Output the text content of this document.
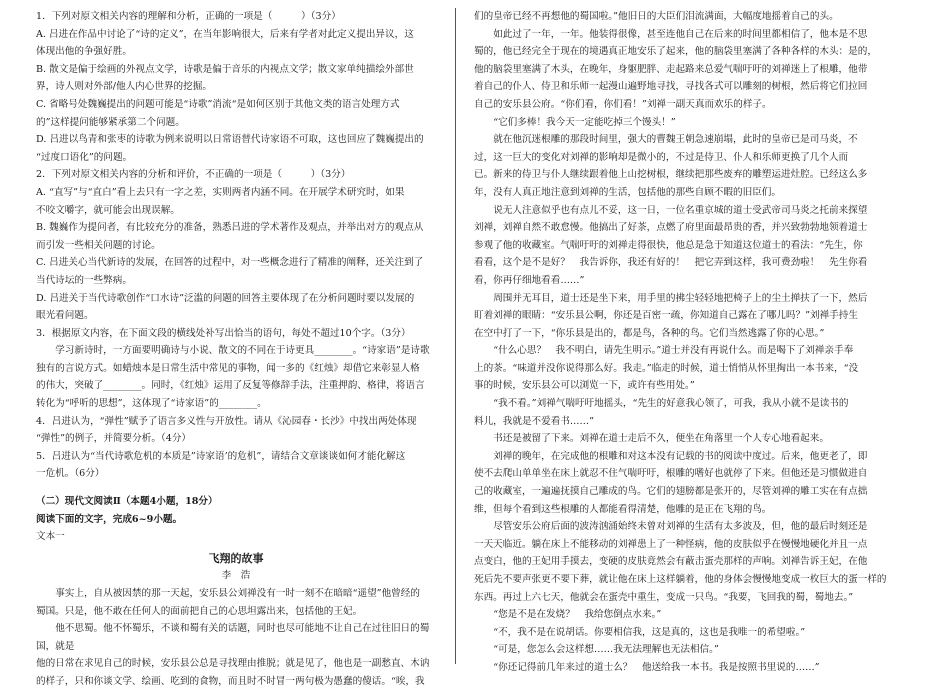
1．下列对原文相关内容的理解和分析，正确的一项是（　　　）（3分）

A. 吕进在作品中讨论了“诗的定义”，在当年影响很大，后来有学者对此定义提出异议，这

体现出他的争强好胜。

B. 散文是偏于绘画的外视点文学，诗歌是偏于音乐的内视点文学；散文家单纯描绘外部世

界，诗人则对外部/他人内心世界的挖掘。

C. 省略号处魏巍提出的问题可能是“诗歌”消流“是如何区别于其他文类的语言处理方式

的”这样提问能够紧承第二个问题。

D. 吕进以鸟青和张枣的诗歌为例来说明以日常语替代诗家语不可取，这也回应了魏巍提出的

“过度口语化”的问题。

2．下列对原文相关内容的分析和评价，不正确的一项是（　　　）（3分）

A. “直写”与“直白”看上去只有一字之差，实则两者内涵不同。在开展学术研究时，如果

不咬文嚼字，就可能会出现误解。

B. 魏巍作为提问者，有比较充分的准备，熟悉吕进的学术著作及观点，并举出对方的观点从

而引发一些相关问题的讨论。

C. 吕进关心当代新诗的发展，在回答的过程中，对一些概念进行了精准的阐释，还关注到了

当代诗坛的一些弊病。

D. 吕进关于当代诗歌创作“口水诗”泛滥的问题的回答主要体现了在分析问题时要以发展的

眼光看问题。

3．根据原文内容，在下面文段的横线处补写出恰当的语句，每处不超过10个字。（3分）

学习新诗时，一方面要明确诗与小说、散文的不同在于诗更具________。“诗家语”是诗歌

独有的言说方式。如蜡烛本是日常生活中常见的事物，闻一多的《红烛》却借它来彰显人格

的伟大，突破了________。同时，《红烛》运用了反复等修辞手法，注重押韵、格律，将语言

转化为“呼听的思想”，这体现了“诗家语”的________。

4．吕进认为，“弹性”赋予了语言多义性与开放性。请从《沁园春・长沙》中找出两处体现

“弹性”的例子，并简要分析。（4分）

5．吕进认为“当代诗歌危机的本质是”诗家语’的危机”，请结合文章谈谈如何才能化解这

一危机。（6分）

（二）现代文阅读Ⅱ（本题4小题，18分）

阅读下面的文字，完成6~9小题。

文本一

飞翔的故事

李　浩

事实上，自从被因禁的那一天起，安乐县公刘禅没有一时一刻不在暗暗“遥望”他曾经的

蜀国。只是，他不敢在任何人的面前把自己的心思坦露出来，包括他的王妃。

他不思蜀。他不怀蜀乐，不谈和蜀有关的话题，同时也尽可能地不让自己在过往旧日的蜀国，就是

他的日常在求见自己的时候，安乐县公总是寻找理由推脱；就是见了，他也是一副愁直、木讷

的样子，只和你谈文学、绘画、吃到的食物，而且时不时冒一两句极为愚蠢的傻话。“唉，我

们的皇帝已经不再想他的蜀国啦。”他旧日的大臣们泪流满面，大幅度地摇着自己的头。

如此过了一年，一年。他装得很像，甚至连他自己在后来的时间里都相信了，他本是不思

蜀的，他已经完全于现在的境遇真正地安乐了起来，他的脑袋里塞满了各种各样的木头：是的，

他的脑袋里塞满了木头，在晚年，身躯肥胖、走起路来总爱气喘吁吁的刘禅迷上了根雕，他带

着自己的仆人、侍卫和乐师一起漫山遍野地寻找，寻找各式可以雕刻的树根，然后将它们拉回

自己的安乐县公府。“你们看，你们看！”刘禅一副天真而欢乐的样子。

“它们多棒！我今天一定能吃掉三个馒头！”

就在他沉迷根雕的那段时间里，强大的曹魏王朝急速崩塌，此时的皇帝已是司马炎，不

过，这一巨大的变化对刘禅的影响却是微小的，不过是侍卫、仆人和乐师更换了几个人而

已。新来的侍卫与仆人继续跟着他上山挖树根，继续把那些废弃的雕塑运进灶腔。已经这么多

年，没有人真正地注意到刘禅的生活，包括他的那些自顾不暇的旧臣们。

说无人注意似乎也有点儿不妥，这一日，一位名重京城的道士受武帝司马炎之托前来探望

刘禅，刘禅自然不敢怠慢。他搞出了好茶，点燃了府里面最昂贵的香，并兴致勃勃地领着道士

参观了他的收藏室。气喘吁吁的刘禅走得很快，他总是急于知道这位道士的看法：“先生，你

看看，这个是不是好？　我告诉你，我还有好的！　把它弄到这样，我可费劲啦！　先生你看

看，你再仔细地看看……”

周围并无耳目，道士还是坐下来，用手里的拂尘轻轻地把椅子上的尘土掸扶了一下，然后

盯着刘禅的眼睛：“安乐县公啊，你还是百密一疏，你知道自己露在了哪儿吗？”刘禅手持生

在空中打了一下，“你乐县是出的，都是鸟，各种的鸟。它们当然逃露了你的心思。”

“什么心思？　我不明白，请先生明示。”道士并没有再说什么。而是喝下了刘禅亲手奉

上的茶。“味道并没你说得那么好。我走。”临走的时候，道士悄悄从怀里掏出一本书来，“没

事的时候，安乐县公可以浏览一下，或许有些用处。”

“我不看。”刘禅气喘吁吁地摇头，“先生的好意我心领了，可我，我从小就不是读书的

料儿，我就是不爱看书……”

书还是被留了下来。刘禅在道士走后不久，便坐在角落里一个人专心地看起来。

刘禅的晚年，在完成他的根雕和对这本没有记载的书的阅读中度过。后来，他更老了，即

使不去爬山单单坐在床上就忍不住气喘吁吁，根雕的嗜好也就停了下来。但他还是习惯做进自

己的收藏室，一遍遍抚摸自己雕成的鸟。它们的翅膀都是张开的，尽管刘禅的雕工实在有点拙

维，但每个看到这些根雕的人都能看得清楚，他雕的是正在飞翔的鸟。

尽管安乐公府后面的波涛汹涌始终未曾对刘禅的生活有太多波及，但，他的最后时刻还是

一天天临近。躺在床上不能移动的刘禅患上了一种怪病，他的皮肤似乎在慢慢地硬化并且一点

点变白，他的王妃用手摸去，变硬的皮肤竟然会有蔽击蛋壳那样的声响。刘禅告诉王妃，在他

死后先不要声张更不要下葬，就让他在床上这样躺着，他的身体会慢慢地变成一枚巨大的蛋一样的

东西。再过上六七天，他就会在蛋壳中重生，变成一只鸟。“我要，飞回我的蜀，蜀地去。”

“您是不是在发烧？　我给您倒点水来。”

“不，我不是在说胡话。你要相信我，这是真的，这也是我唯一的希望啦。”

“可是，您怎么会这样想……我无法理解也无法相信。”

“你还记得前几年来过的道士么？　他送给我一本书。我是按照书里说的……”
